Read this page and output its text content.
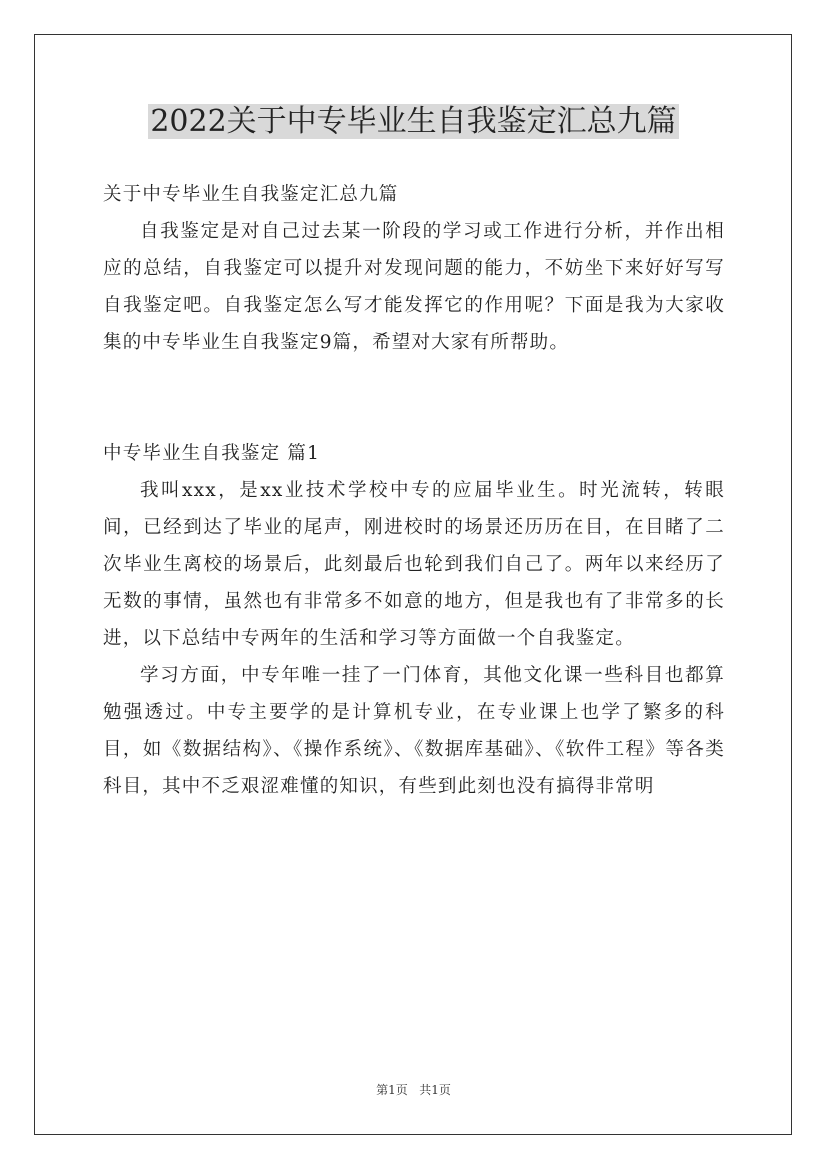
2022关于中专毕业生自我鉴定汇总九篇

关于中专毕业生自我鉴定汇总九篇

自我鉴定是对自己过去某一阶段的学习或工作进行分析，并作出相应的总结，自我鉴定可以提升对发现问题的能力，不妨坐下来好好写写自我鉴定吧。自我鉴定怎么写才能发挥它的作用呢？下面是我为大家收集的中专毕业生自我鉴定9篇，希望对大家有所帮助。

中专毕业生自我鉴定 篇1

我叫xxx，是xx业技术学校中专的应届毕业生。时光流转，转眼间，已经到达了毕业的尾声，刚进校时的场景还历历在目，在目睹了二次毕业生离校的场景后，此刻最后也轮到我们自己了。两年以来经历了无数的事情，虽然也有非常多不如意的地方，但是我也有了非常多的长进，以下总结中专两年的生活和学习等方面做一个自我鉴定。

学习方面，中专年唯一挂了一门体育，其他文化课一些科目也都算勉强透过。中专主要学的是计算机专业，在专业课上也学了繁多的科目，如《数据结构》、《操作系统》、《数据库基础》、《软件工程》等各类科目，其中不乏艰涩难懂的知识，有些到此刻也没有搞得非常明

第1页   共1页
